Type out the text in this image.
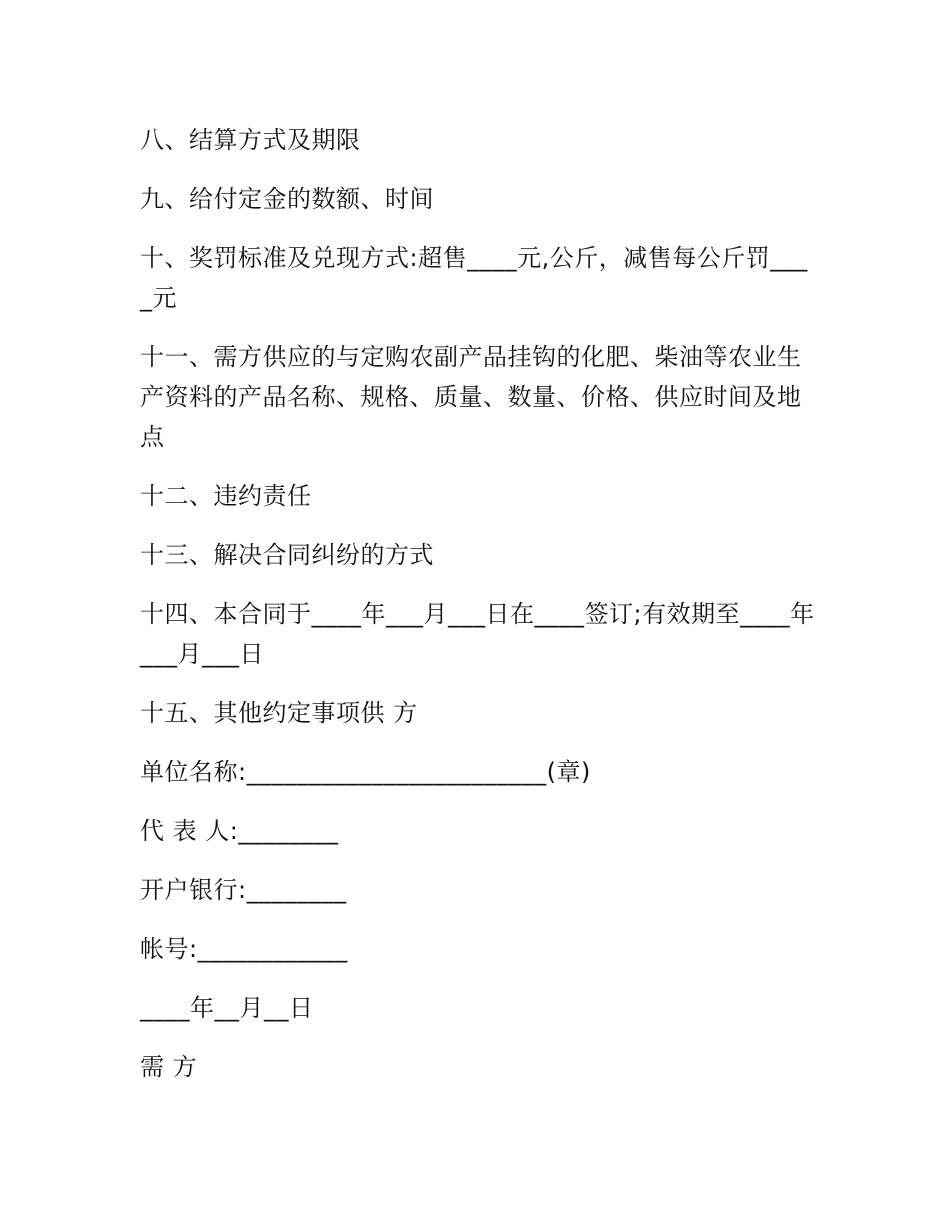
八、结算方式及期限

九、给付定金的数额、时间

十、奖罚标准及兑现方式:超售____元,公斤，减售每公斤罚____元

十一、需方供应的与定购农副产品挂钩的化肥、柴油等农业生产资料的产品名称、规格、质量、数量、价格、供应时间及地点

十二、违约责任

十三、解决合同纠纷的方式

十四、本合同于____年___月___日在____签订;有效期至____年___月___日

十五、其他约定事项供 方

单位名称:________________________(章)

代 表 人:________

开户银行:________

帐号:____________

____年__月__日

需 方
